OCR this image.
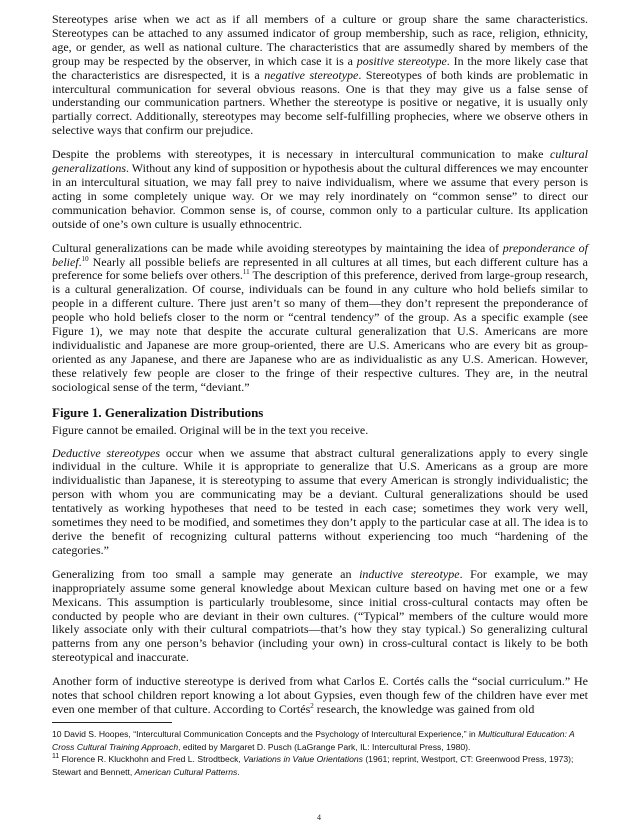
Stereotypes arise when we act as if all members of a culture or group share the same characteristics. Stereotypes can be attached to any assumed indicator of group membership, such as race, religion, ethnicity, age, or gender, as well as national culture. The characteristics that are assumedly shared by members of the group may be respected by the observer, in which case it is a positive stereotype. In the more likely case that the characteristics are disrespected, it is a negative stereotype. Stereotypes of both kinds are problematic in intercultural communication for several obvious reasons. One is that they may give us a false sense of understanding our communication partners. Whether the stereotype is positive or negative, it is usually only partially correct. Additionally, stereotypes may become self-fulfilling prophecies, where we observe others in selective ways that confirm our prejudice.

Despite the problems with stereotypes, it is necessary in intercultural communication to make cultural generalizations. Without any kind of supposition or hypothesis about the cultural differences we may encounter in an intercultural situation, we may fall prey to naive individualism, where we assume that every person is acting in some completely unique way. Or we may rely inordinately on “common sense” to direct our communication behavior. Common sense is, of course, common only to a particular culture. Its application outside of one’s own culture is usually ethnocentric.

Cultural generalizations can be made while avoiding stereotypes by maintaining the idea of preponderance of belief.$^{10}$ Nearly all possible beliefs are represented in all cultures at all times, but each different culture has a preference for some beliefs over others.$^{11}$ The description of this preference, derived from large-group research, is a cultural generalization. Of course, individuals can be found in any culture who hold beliefs similar to people in a different culture. There just aren’t so many of them—they don’t represent the preponderance of people who hold beliefs closer to the norm or “central tendency” of the group. As a specific example (see Figure 1), we may note that despite the accurate cultural generalization that U.S. Americans are more individualistic and Japanese are more group-oriented, there are U.S. Americans who are every bit as group-oriented as any Japanese, and there are Japanese who are as individualistic as any U.S. American. However, these relatively few people are closer to the fringe of their respective cultures. They are, in the neutral sociological sense of the term, “deviant.”

Figure 1. Generalization Distributions
Figure cannot be emailed. Original will be in the text you receive.

Deductive stereotypes occur when we assume that abstract cultural generalizations apply to every single individual in the culture. While it is appropriate to generalize that U.S. Americans as a group are more individualistic than Japanese, it is stereotyping to assume that every American is strongly individualistic; the person with whom you are communicating may be a deviant. Cultural generalizations should be used tentatively as working hypotheses that need to be tested in each case; sometimes they work very well, sometimes they need to be modified, and sometimes they don’t apply to the particular case at all. The idea is to derive the benefit of recognizing cultural patterns without experiencing too much “hardening of the categories.”

Generalizing from too small a sample may generate an inductive stereotype. For example, we may inappropriately assume some general knowledge about Mexican culture based on having met one or a few Mexicans. This assumption is particularly troublesome, since initial cross-cultural contacts may often be conducted by people who are deviant in their own cultures. (“Typical” members of the culture would more likely associate only with their cultural compatriots—that’s how they stay typical.) So generalizing cultural patterns from any one person’s behavior (including your own) in cross-cultural contact is likely to be both stereotypical and inaccurate.

Another form of inductive stereotype is derived from what Carlos E. Cortés calls the “social curriculum.” He notes that school children report knowing a lot about Gypsies, even though few of the children have ever met even one member of that culture. According to Cortés$^2$ research, the knowledge was gained from old

10 David S. Hoopes, “Intercultural Communication Concepts and the Psychology of Intercultural Experience,” in Multicultural Education: A Cross Cultural Training Approach, edited by Margaret D. Pusch (LaGrange Park, IL: Intercultural Press, 1980).

$^{11}$ Florence R. Kluckhohn and Fred L. Strodtbeck, Variations in Value Orientations (1961; reprint, Westport, CT: Greenwood Press, 1973); Stewart and Bennett, American Cultural Patterns.

4
